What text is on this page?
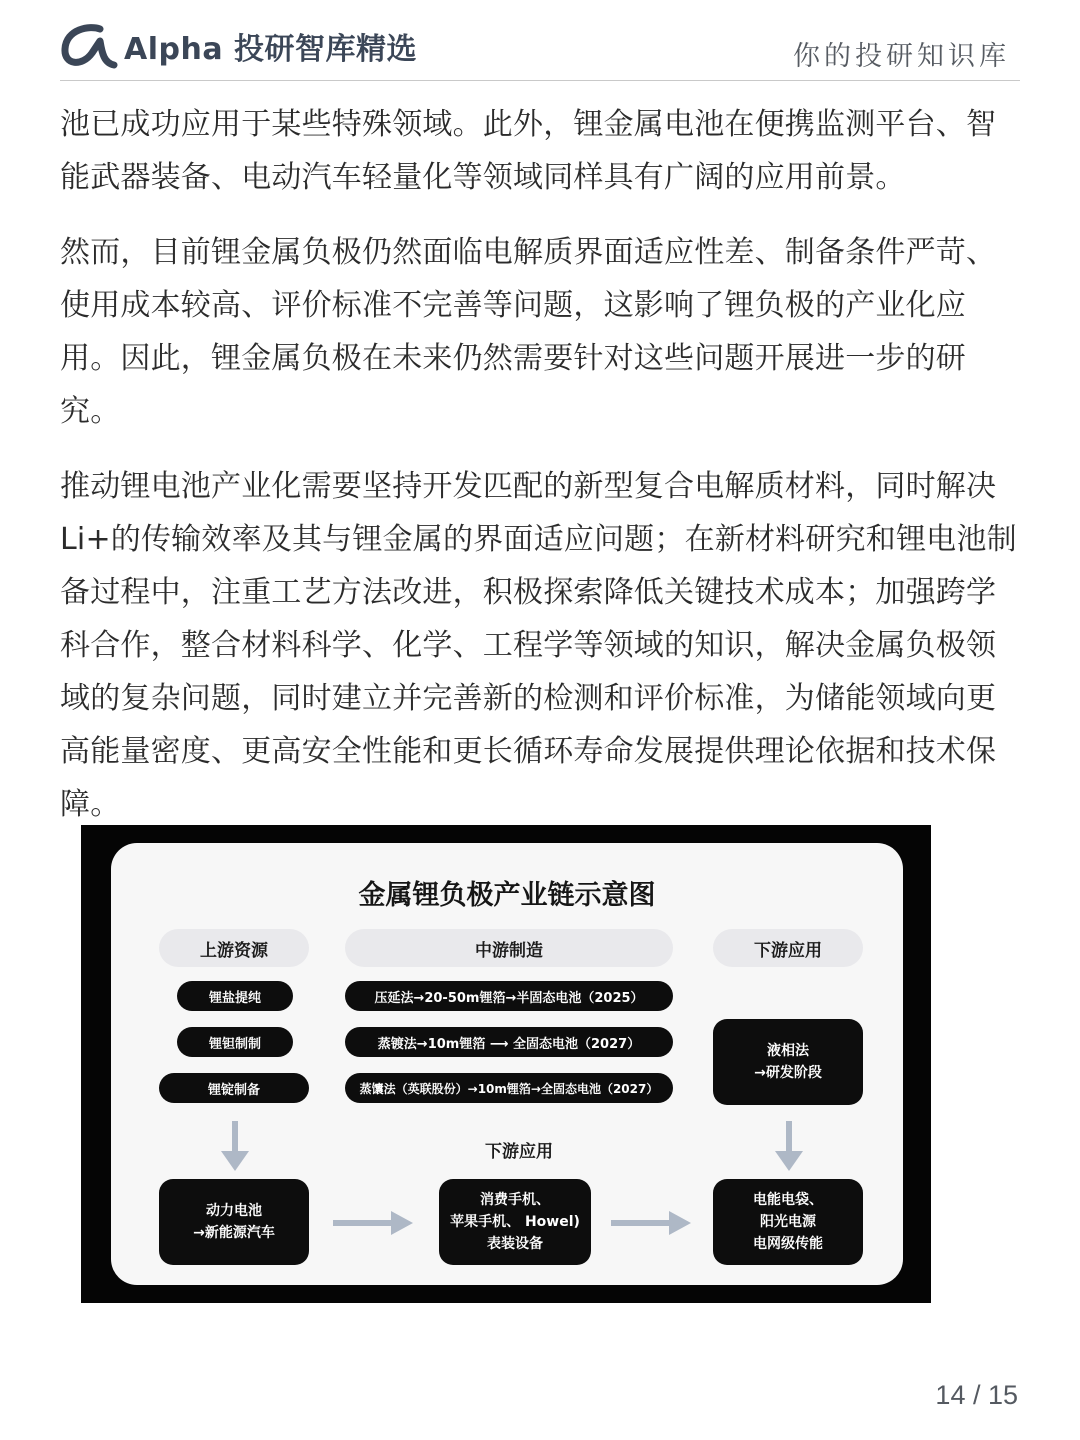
Alpha 投研智库精选	你的投研知识库

池已成功应用于某些特殊领域。此外，锂金属电池在便携监测平台、智能武器装备、电动汽车轻量化等领域同样具有广阔的应用前景。

然而，目前锂金属负极仍然面临电解质界面适应性差、制备条件严苛、使用成本较高、评价标准不完善等问题，这影响了锂负极的产业化应用。因此，锂金属负极在未来仍然需要针对这些问题开展进一步的研究。

推动锂电池产业化需要坚持开发匹配的新型复合电解质材料，同时解决Li+的传输效率及其与锂金属的界面适应问题；在新材料研究和锂电池制备过程中，注重工艺方法改进，积极探索降低关键技术成本；加强跨学科合作，整合材料科学、化学、工程学等领域的知识，解决金属负极领域的复杂问题，同时建立并完善新的检测和评价标准，为储能领域向更高能量密度、更高安全性能和更长循环寿命发展提供理论依据和技术保障。

金属锂负极产业链示意图
上游资源	中游制造	下游应用
锂盐提纯
锂钽制制
锂锭制备
压延法→20-50m锂箔→半固态电池（2025）
蒸镀法→10m锂箔 ⟶ 全固态电池（2027）
蒸馕法（英联股份）→10m锂箔→全固态电池（2027）
液相法
→研发阶段
下游应用
动力电池
→新能源汽车
消费手机、
苹果手机、 Howel)
表装设备
电能电袋、
阳光电源
电网级传能
14 / 15
